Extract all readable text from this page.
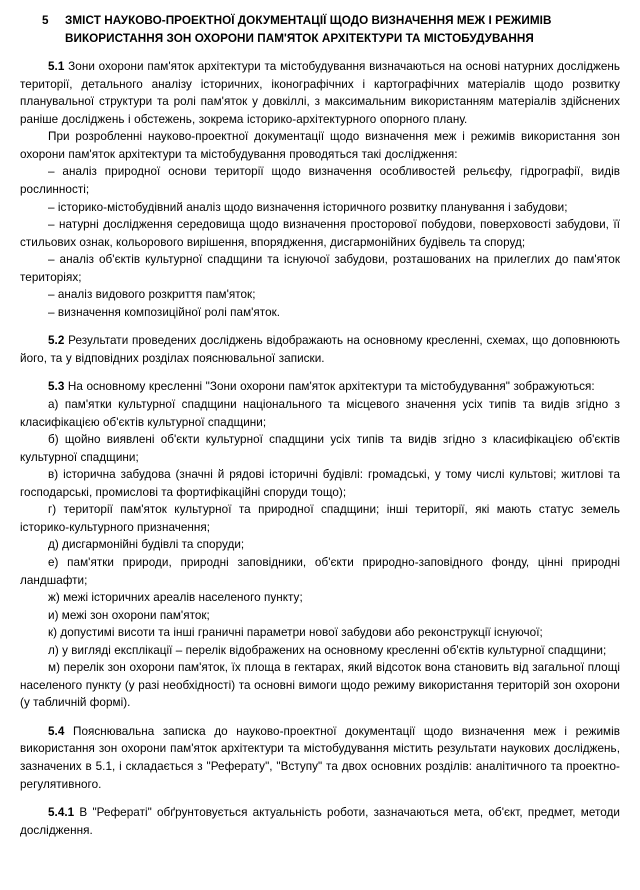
5	ЗМІСТ НАУКОВО-ПРОЕКТНОЇ ДОКУМЕНТАЦІЇ ЩОДО ВИЗНАЧЕННЯ МЕЖ І РЕЖИМІВ ВИКОРИСТАННЯ ЗОН ОХОРОНИ ПАМ'ЯТОК АРХІТЕКТУРИ ТА МІСТОБУДУВАННЯ

5.1 Зони охорони пам'яток архітектури та містобудування визначаються на основі натурних досліджень території, детального аналізу історичних, іконографічних і картографічних матеріалів щодо розвитку планувальної структури та ролі пам'яток у довкіллі, з максимальним використанням матеріалів здійснених раніше досліджень і обстежень, зокрема історико-архітектурного опорного плану.

При розробленні науково-проектної документації щодо визначення меж і режимів використання зон охорони пам'яток архітектури та містобудування проводяться такі дослідження:

– аналіз природної основи території щодо визначення особливостей рельєфу, гідрографії, видів рослинності;

– історико-містобудівний аналіз щодо визначення історичного розвитку планування і забудови;

– натурні дослідження середовища щодо визначення просторової побудови, поверховості забудови, її стильових ознак, кольорового вирішення, впорядження, дисгармонійних будівель та споруд;

– аналіз об'єктів культурної спадщини та існуючої забудови, розташованих на прилеглих до пам'яток територіях;

– аналіз видового розкриття пам'яток;

– визначення композиційної ролі пам'яток.

5.2 Результати проведених досліджень відображають на основному кресленні, схемах, що доповнюють його, та у відповідних розділах пояснювальної записки.

5.3 На основному кресленні "Зони охорони пам'яток архітектури та містобудування" зображуються:

а) пам'ятки культурної спадщини національного та місцевого значення усіх типів та видів згідно з класифікацією об'єктів культурної спадщини;

б) щойно виявлені об'єкти культурної спадщини усіх типів та видів згідно з класифікацією об'єктів культурної спадщини;

в) історична забудова (значні й рядові історичні будівлі: громадські, у тому числі культові; житлові та господарські, промислові та фортифікаційні споруди тощо);

г) території пам'яток культурної та природної спадщини; інші території, які мають статус земель історико-культурного призначення;

д) дисгармонійні будівлі та споруди;

е) пам'ятки природи, природні заповідники, об'єкти природно-заповідного фонду, цінні природні ландшафти;

ж) межі історичних ареалів населеного пункту;

и) межі зон охорони пам'яток;

к) допустимі висоти та інші граничні параметри нової забудови або реконструкції існуючої;

л) у вигляді експлікації – перелік відображених на основному кресленні об'єктів культурної спадщини;

м) перелік зон охорони пам'яток, їх площа в гектарах, який відсоток вона становить від загальної площі населеного пункту (у разі необхідності) та основні вимоги щодо режиму використання територій зон охорони (у табличній формі).

5.4 Пояснювальна записка до науково-проектної документації щодо визначення меж і режимів використання зон охорони пам'яток архітектури та містобудування містить результати наукових досліджень, зазначених в 5.1, і складається з "Реферату", "Вступу" та двох основних розділів: аналітичного та проектно-регулятивного.

5.4.1 В "Рефераті" обґрунтовується актуальність роботи, зазначаються мета, об'єкт, предмет, методи дослідження.
